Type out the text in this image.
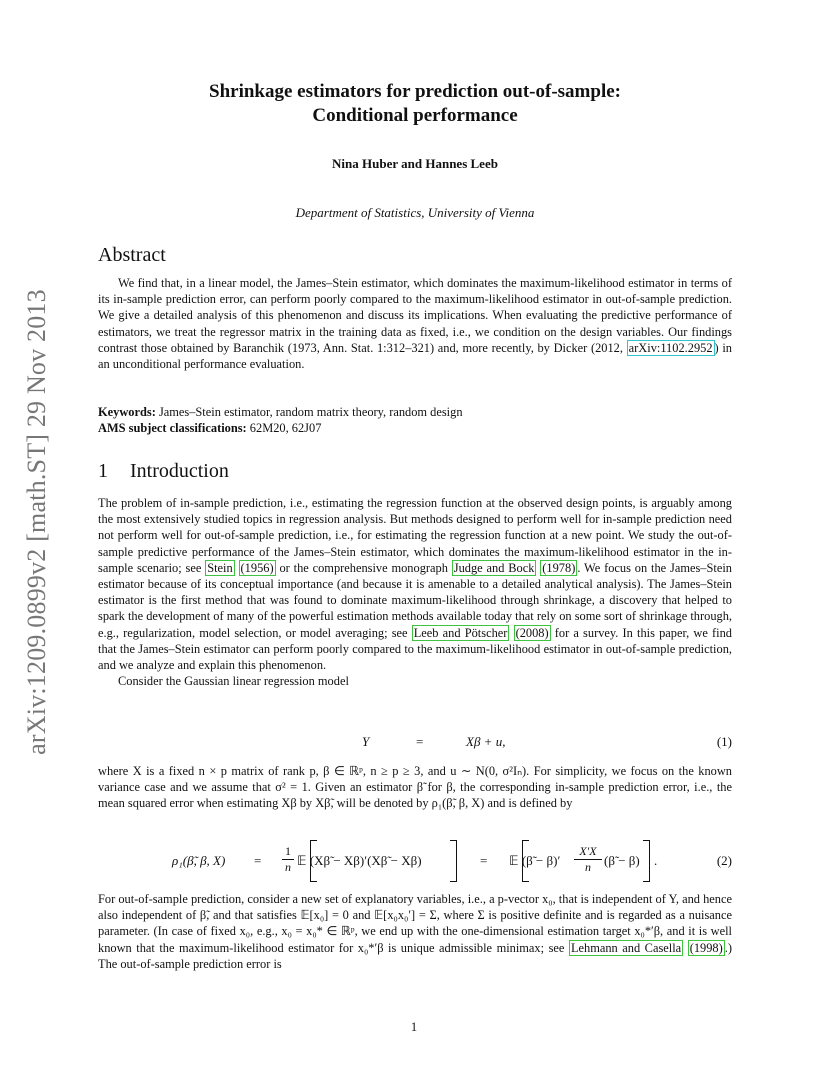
arXiv:1209.0899v2 [math.ST] 29 Nov 2013
Shrinkage estimators for prediction out-of-sample:
Conditional performance
Nina Huber and Hannes Leeb
Department of Statistics, University of Vienna
Abstract
We find that, in a linear model, the James–Stein estimator, which dominates the maximum-likelihood estimator in terms of its in-sample prediction error, can perform poorly compared to the maximum-likelihood estimator in out-of-sample prediction. We give a detailed analysis of this phenomenon and discuss its implications. When evaluating the predictive performance of estimators, we treat the regressor matrix in the training data as fixed, i.e., we condition on the design variables. Our findings contrast those obtained by Baranchik (1973, Ann. Stat. 1:312–321) and, more recently, by Dicker (2012, arXiv:1102.2952 ) in an unconditional performance evaluation.
Keywords: James–Stein estimator, random matrix theory, random design
AMS subject classifications: 62M20, 62J07
1 Introduction

The problem of in-sample prediction, i.e., estimating the regression function at the observed design points, is arguably among the most extensively studied topics in regression analysis. But methods designed to perform well for in-sample prediction need not perform well for out-of-sample prediction, i.e., for estimating the regression function at a new point. We study the out-of-sample predictive performance of the James–Stein estimator, which dominates the maximum-likelihood estimator in the in-sample scenario; see Stein (1956) or the comprehensive monograph Judge and Bock (1978) . We focus on the James–Stein estimator because of its conceptual importance (and because it is amenable to a detailed analytical analysis). The James–Stein estimator is the first method that was found to dominate maximum-likelihood through shrinkage, a discovery that helped to spark the development of many of the powerful estimation methods available today that rely on some sort of shrinkage through, e.g., regularization, model selection, or model averaging; see Leeb and Pötscher (2008) for a survey. In this paper, we find that the James–Stein estimator can perform poorly compared to the maximum-likelihood estimator in out-of-sample prediction, and we analyze and explain this phenomenon.

Consider the Gaussian linear regression model

Y	=	Xβ + u,	(1)
where X is a fixed n × p matrix of rank p, β ∈ ℝᵖ, n ≥ p ≥ 3, and u ∼ N(0, σ²Iₙ). For simplicity, we focus on the known variance case and we assume that σ² = 1. Given an estimator β̃ for β, the corresponding in-sample prediction error, i.e., the mean squared error when estimating Xβ by Xβ̃, will be denoted by ρ₁(β̃, β, X) and is defined by
ρ₁(β̃, β, $X) = \frac{1}{n}$ 𝔼 (Xβ̃ − Xβ)′(Xβ̃ − Xβ)	= 𝔼 (β̃ − $\beta)' \frac{X'X}{n}$ (β̃ − β) .	(2)
For out-of-sample prediction, consider a new set of explanatory variables, i.e., a p-vector x₀, that is independent of Y, and hence also independent of β̃, and that satisfies 𝔼[x₀] = 0 and 𝔼[x₀x₀′] = Σ, where Σ is positive definite and is regarded as a nuisance parameter. (In case of fixed x₀, e.g., x₀ = x₀* ∈ ℝᵖ, we end up with the one-dimensional estimation target x₀*′β, and it is well known that the maximum-likelihood estimator for x₀*′β is unique admissible minimax; see Lehmann and Casella (1998) .) The out-of-sample prediction error is
1
